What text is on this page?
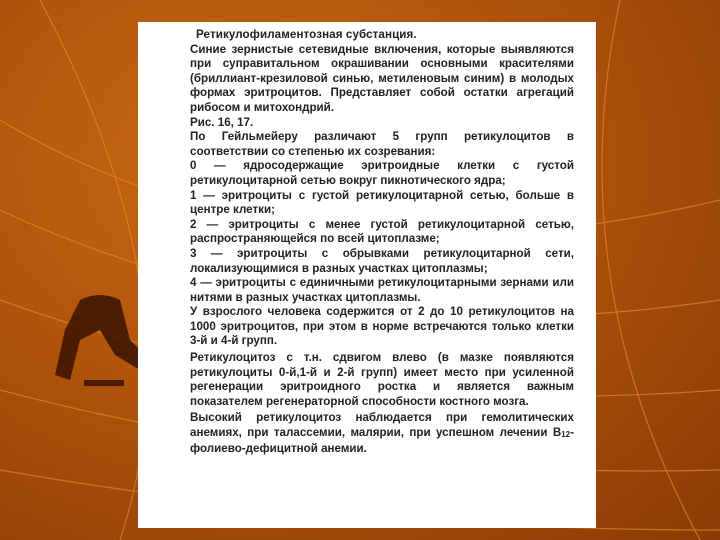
Ретикулофиламентозная субстанция.

Синие зернистые сетевидные включения, которые выявляются при суправитальном окрашивании основными красителями (бриллиант-крезиловой синью, метиленовым синим) в молодых формах эритроцитов. Представляет собой остатки агрегаций рибосом и митохондрий.

Рис. 16, 17.

По Гейльмейеру различают 5 групп ретикулоцитов в соответствии со степенью их созревания:

0 — ядросодержащие эритроидные клетки с густой ретикулоцитарной сетью вокруг пикнотического ядра;

1 — эритроциты с густой ретикулоцитарной сетью, больше в центре клетки;

2 — эритроциты с менее густой ретикулоцитарной сетью, распространяющейся по всей цитоплазме;

3 — эритроциты с обрывками ретикулоцитарной сети, локализующимися в разных участках цитоплазмы;

4 — эритроциты с единичными ретикулоцитарными зернами или нитями в разных участках цитоплазмы.

У взрослого человека содержится от 2 до 10 ретикулоцитов на 1000 эритроцитов, при этом в норме встречаются только клетки 3-й и 4-й групп.

Ретикулоцитоз с т.н. сдвигом влево (в мазке появляются ретикулоциты 0-й,1-й и 2-й групп) имеет место при усиленной регенерации эритроидного ростка и является важным показателем регенераторной способности костного мозга.

Высокий ретикулоцитоз наблюдается при гемолитических анемиях, при талассемии, малярии, при успешном лечении $В_{12}-фолиево$-дефицитной анемии.
